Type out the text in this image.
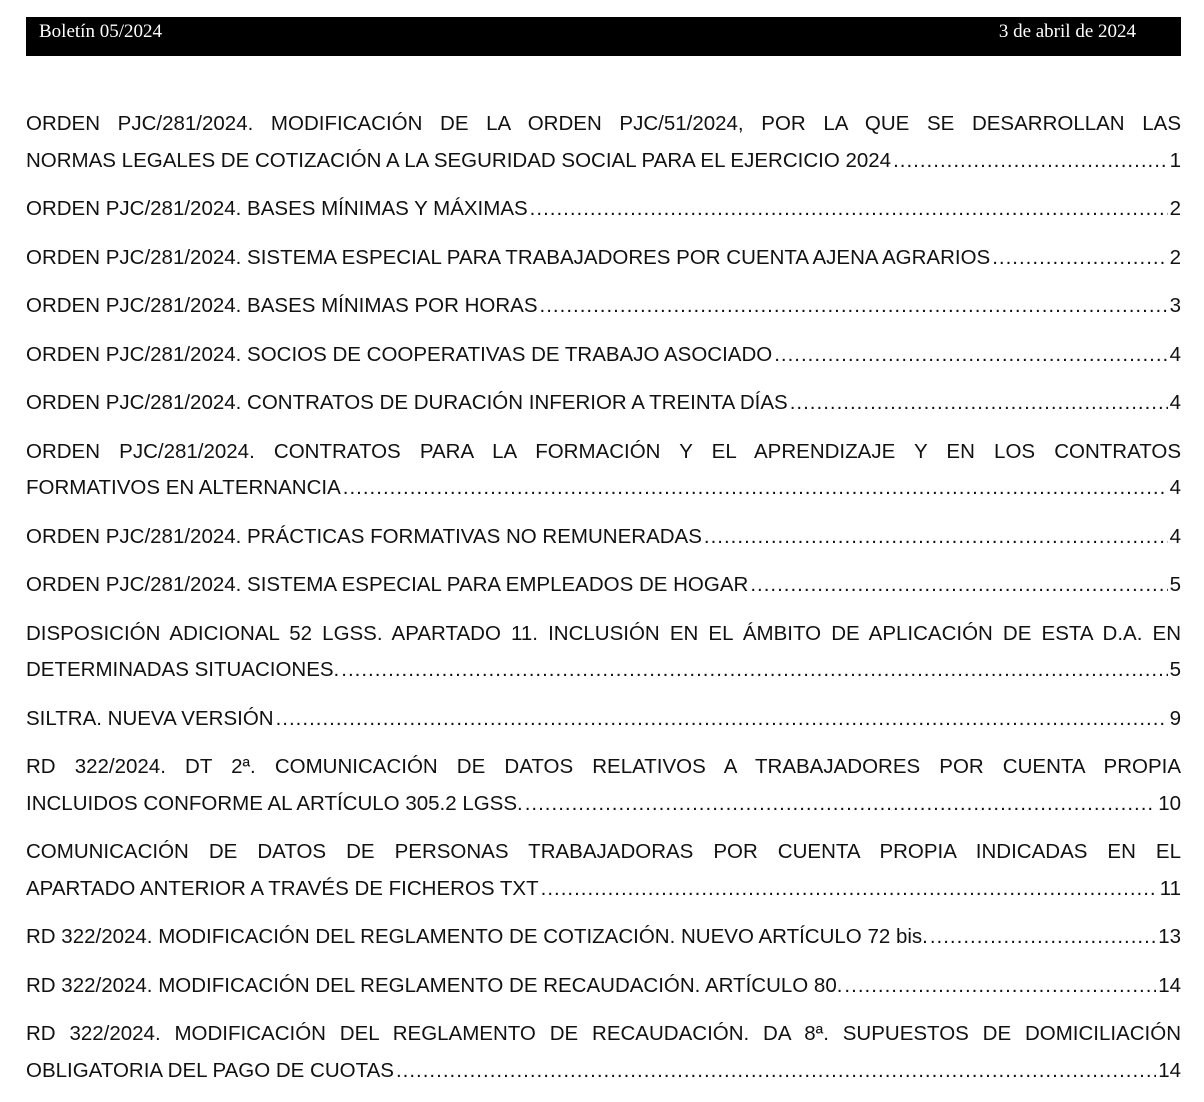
Boletín 05/2024	3 de abril de 2024
ORDEN PJC/281/2024. MODIFICACIÓN DE LA ORDEN PJC/51/2024, POR LA QUE SE DESARROLLAN LAS
NORMAS LEGALES DE COTIZACIÓN A LA SEGURIDAD SOCIAL PARA EL EJERCICIO 2024 .....	1
ORDEN PJC/281/2024. BASES MÍNIMAS Y MÁXIMAS .....	2
ORDEN PJC/281/2024. SISTEMA ESPECIAL PARA TRABAJADORES POR CUENTA AJENA AGRARIOS .....	2
ORDEN PJC/281/2024. BASES MÍNIMAS POR HORAS .....	3
ORDEN PJC/281/2024. SOCIOS DE COOPERATIVAS DE TRABAJO ASOCIADO .....	4
ORDEN PJC/281/2024. CONTRATOS DE DURACIÓN INFERIOR A TREINTA DÍAS .....	4
ORDEN PJC/281/2024. CONTRATOS PARA LA FORMACIÓN Y EL APRENDIZAJE Y EN LOS CONTRATOS
FORMATIVOS EN ALTERNANCIA .....	4
ORDEN PJC/281/2024. PRÁCTICAS FORMATIVAS NO REMUNERADAS .....	4
ORDEN PJC/281/2024. SISTEMA ESPECIAL PARA EMPLEADOS DE HOGAR .....	5
DISPOSICIÓN ADICIONAL 52 LGSS. APARTADO 11. INCLUSIÓN EN EL ÁMBITO DE APLICACIÓN DE ESTA D.A. EN
DETERMINADAS SITUACIONES. .....	5
SILTRA. NUEVA VERSIÓN .....	9
RD 322/2024. DT 2ª. COMUNICACIÓN DE DATOS RELATIVOS A TRABAJADORES POR CUENTA PROPIA
INCLUIDOS CONFORME AL ARTÍCULO 305.2 LGSS. .....	10
COMUNICACIÓN DE DATOS DE PERSONAS TRABAJADORAS POR CUENTA PROPIA INDICADAS EN EL
APARTADO ANTERIOR A TRAVÉS DE FICHEROS TXT .....	11
RD 322/2024. MODIFICACIÓN DEL REGLAMENTO DE COTIZACIÓN. NUEVO ARTÍCULO 72 bis. .....	13
RD 322/2024. MODIFICACIÓN DEL REGLAMENTO DE RECAUDACIÓN. ARTÍCULO 80. .....	14
RD 322/2024. MODIFICACIÓN DEL REGLAMENTO DE RECAUDACIÓN. DA 8ª. SUPUESTOS DE DOMICILIACIÓN
OBLIGATORIA DEL PAGO DE CUOTAS .....	14
